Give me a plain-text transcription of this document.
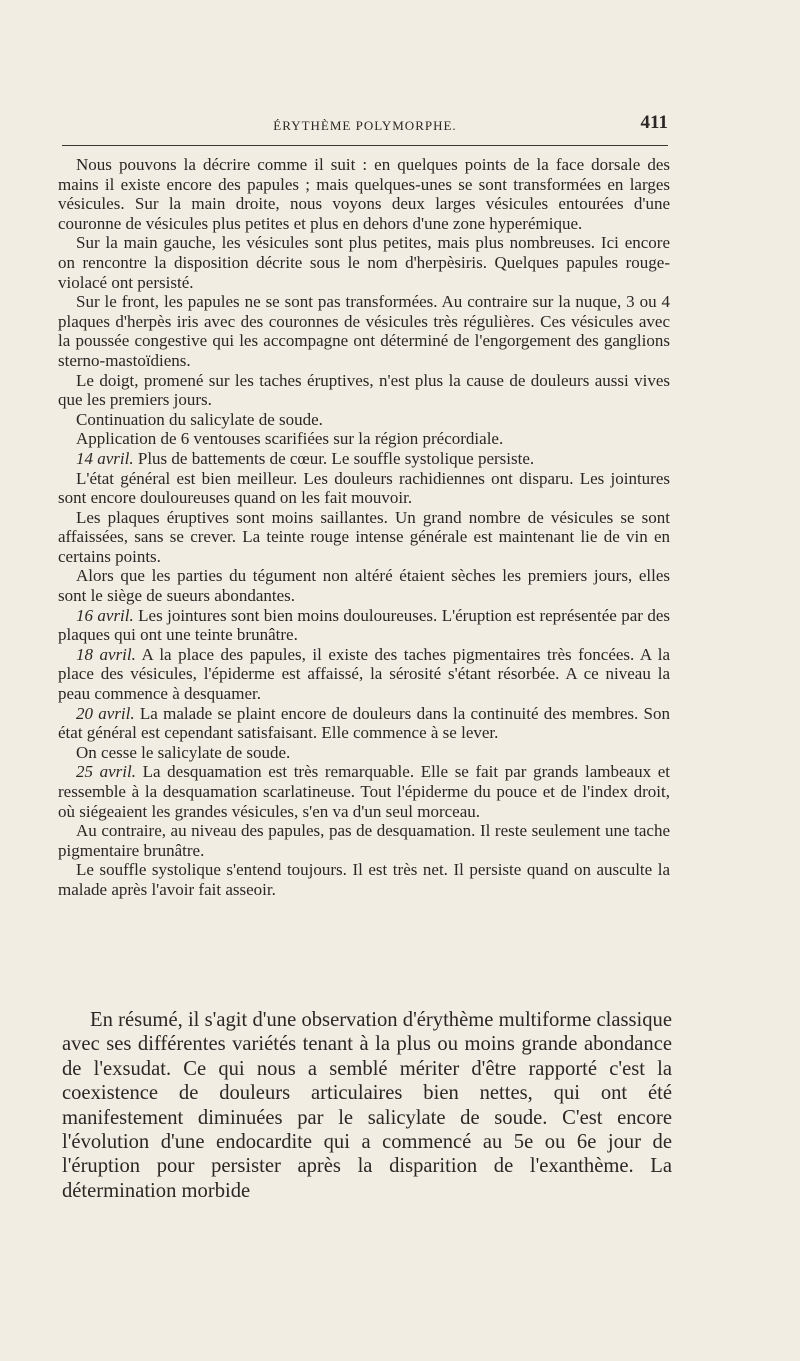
ÉRYTHÈME POLYMORPHE.	411

Nous pouvons la décrire comme il suit : en quelques points de la face dorsale des mains il existe encore des papules ; mais quelques-unes se sont transformées en larges vésicules. Sur la main droite, nous voyons deux larges vésicules entourées d'une couronne de vésicules plus petites et plus en dehors d'une zone hyperémique.

Sur la main gauche, les vésicules sont plus petites, mais plus nombreuses. Ici encore on rencontre la disposition décrite sous le nom d'herpèsiris. Quelques papules rouge-violacé ont persisté.

Sur le front, les papules ne se sont pas transformées. Au contraire sur la nuque, 3 ou 4 plaques d'herpès iris avec des couronnes de vésicules très régulières. Ces vésicules avec la poussée congestive qui les accompagne ont déterminé de l'engorgement des ganglions sterno-mastoïdiens.

Le doigt, promené sur les taches éruptives, n'est plus la cause de douleurs aussi vives que les premiers jours.

Continuation du salicylate de soude.

Application de 6 ventouses scarifiées sur la région précordiale.

14 avril. Plus de battements de cœur. Le souffle systolique persiste.

L'état général est bien meilleur. Les douleurs rachidiennes ont disparu. Les jointures sont encore douloureuses quand on les fait mouvoir.

Les plaques éruptives sont moins saillantes. Un grand nombre de vésicules se sont affaissées, sans se crever. La teinte rouge intense générale est maintenant lie de vin en certains points.

Alors que les parties du tégument non altéré étaient sèches les premiers jours, elles sont le siège de sueurs abondantes.

16 avril. Les jointures sont bien moins douloureuses. L'éruption est représentée par des plaques qui ont une teinte brunâtre.

18 avril. A la place des papules, il existe des taches pigmentaires très foncées. A la place des vésicules, l'épiderme est affaissé, la sérosité s'étant résorbée. A ce niveau la peau commence à desquamer.

20 avril. La malade se plaint encore de douleurs dans la continuité des membres. Son état général est cependant satisfaisant. Elle commence à se lever.

On cesse le salicylate de soude.

25 avril. La desquamation est très remarquable. Elle se fait par grands lambeaux et ressemble à la desquamation scarlatineuse. Tout l'épiderme du pouce et de l'index droit, où siégeaient les grandes vésicules, s'en va d'un seul morceau.

Au contraire, au niveau des papules, pas de desquamation. Il reste seulement une tache pigmentaire brunâtre.

Le souffle systolique s'entend toujours. Il est très net. Il persiste quand on ausculte la malade après l'avoir fait asseoir.

En résumé, il s'agit d'une observation d'érythème multiforme classique avec ses différentes variétés tenant à la plus ou moins grande abondance de l'exsudat. Ce qui nous a semblé mériter d'être rapporté c'est la coexistence de douleurs articulaires bien nettes, qui ont été manifestement diminuées par le salicylate de soude. C'est encore l'évolution d'une endocardite qui a commencé au 5e ou 6e jour de l'éruption pour persister après la disparition de l'exanthème. La détermination morbide
